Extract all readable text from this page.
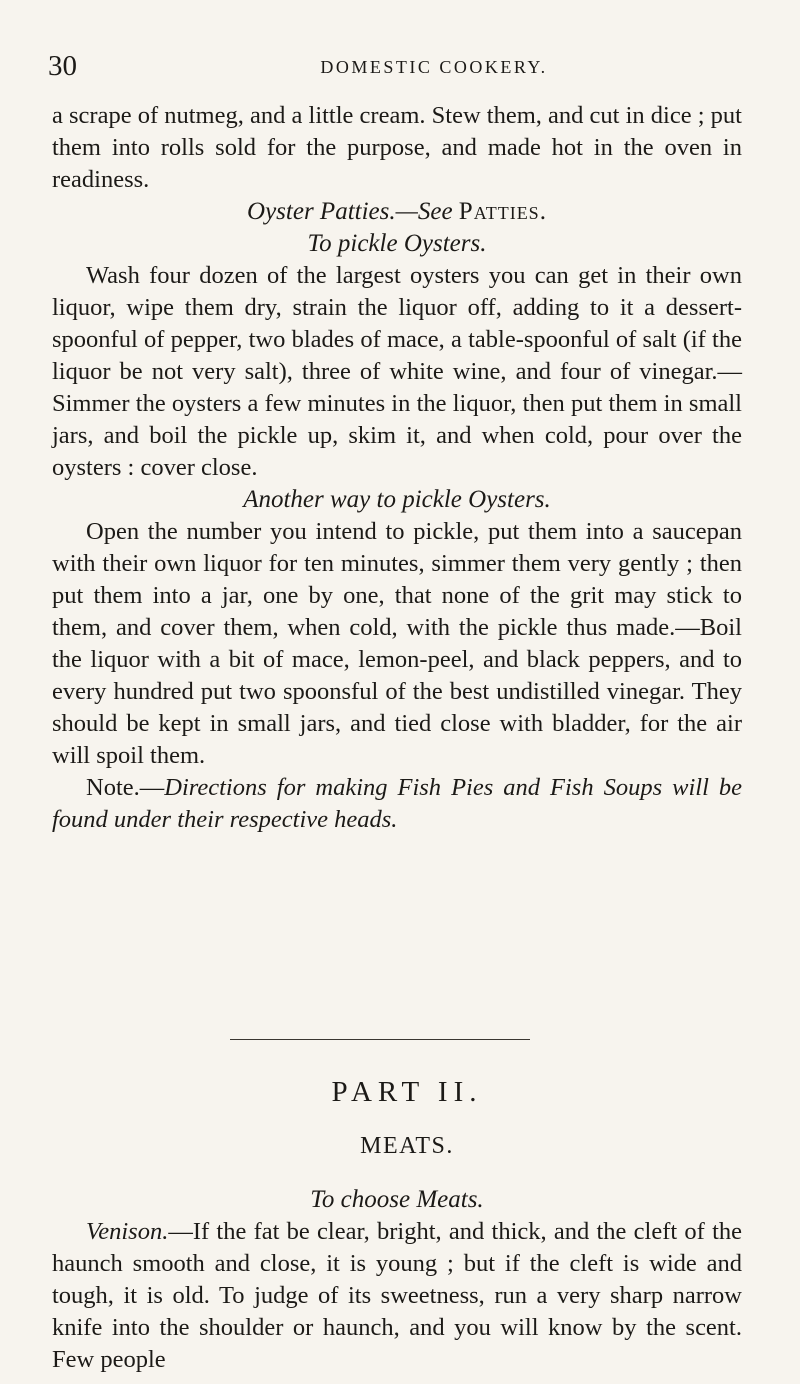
30	DOMESTIC COOKERY.

a scrape of nutmeg, and a little cream. Stew them, and cut in dice ; put them into rolls sold for the purpose, and made hot in the oven in readiness.

Oyster Patties.—See Patties.

To pickle Oysters.

Wash four dozen of the largest oysters you can get in their own liquor, wipe them dry, strain the liquor off, adding to it a dessert-spoonful of pepper, two blades of mace, a table-spoonful of salt (if the liquor be not very salt), three of white wine, and four of vinegar.—Simmer the oysters a few minutes in the liquor, then put them in small jars, and boil the pickle up, skim it, and when cold, pour over the oysters : cover close.

Another way to pickle Oysters.

Open the number you intend to pickle, put them into a saucepan with their own liquor for ten minutes, simmer them very gently ; then put them into a jar, one by one, that none of the grit may stick to them, and cover them, when cold, with the pickle thus made.—Boil the liquor with a bit of mace, lemon-peel, and black peppers, and to every hundred put two spoonsful of the best undistilled vinegar. They should be kept in small jars, and tied close with bladder, for the air will spoil them.

Note.—Directions for making Fish Pies and Fish Soups will be found under their respective heads.

PART II.
MEATS.

To choose Meats.

Venison.—If the fat be clear, bright, and thick, and the cleft of the haunch smooth and close, it is young ; but if the cleft is wide and tough, it is old. To judge of its sweetness, run a very sharp narrow knife into the shoulder or haunch, and you will know by the scent. Few people
